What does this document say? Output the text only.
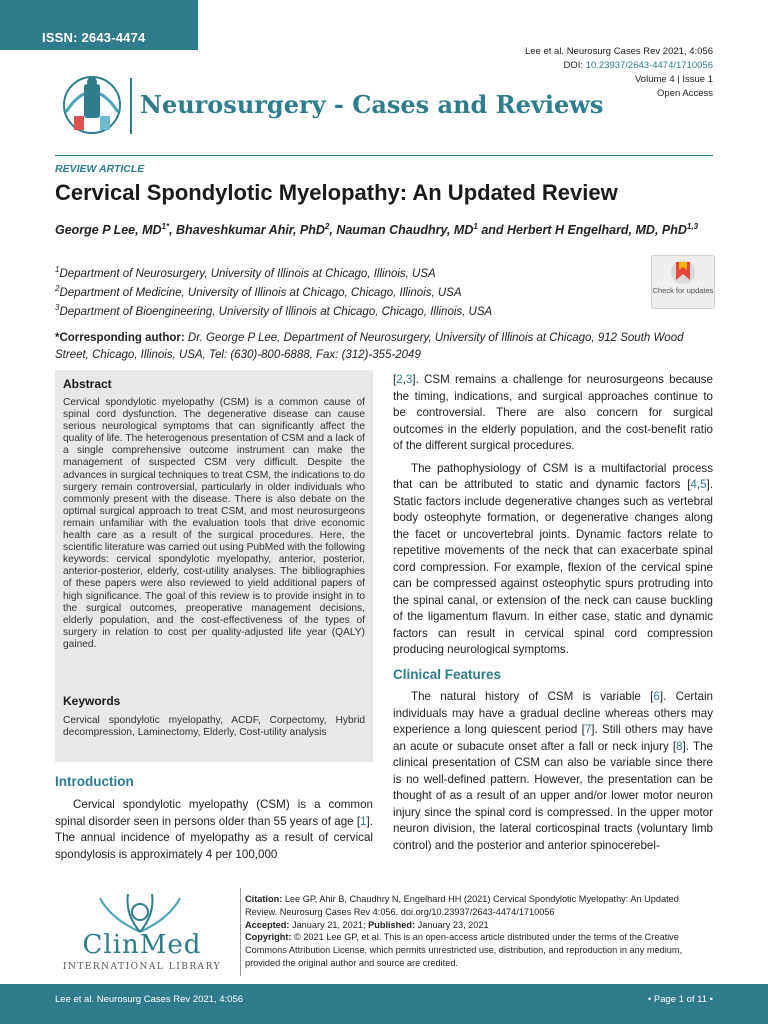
ISSN: 2643-4474
Lee et al. Neurosurg Cases Rev 2021, 4:056
DOI: 10.23937/2643-4474/1710056
Volume 4 | Issue 1
Open Access
Neurosurgery - Cases and Reviews
REVIEW ARTICLE
Cervical Spondylotic Myelopathy: An Updated Review
George P Lee, $MD^{1*}$, Bhaveshkumar Ahir, PhD$^2$, Nauman Chaudhry, $MD^1$ and Herbert H Engelhard, MD, PhD$^{1,3}$
$^1$Department of Neurosurgery, University of Illinois at Chicago, Illinois, USA
$^2$Department of Medicine, University of Illinois at Chicago, Chicago, Illinois, USA
$^3$Department of Bioengineering, University of Illinois at Chicago, Chicago, Illinois, USA
Check for updates
*Corresponding author: Dr. George P Lee, Department of Neurosurgery, University of Illinois at Chicago, 912 South Wood Street, Chicago, Illinois, USA, Tel: (630)-800-6888, Fax: (312)-355-2049
Abstract
Cervical spondylotic myelopathy (CSM) is a common cause of spinal cord dysfunction. The degenerative disease can cause serious neurological symptoms that can significantly affect the quality of life. The heterogenous presentation of CSM and a lack of a single comprehensive outcome instrument can make the management of suspected CSM very difficult. Despite the advances in surgical techniques to treat CSM, the indications to do surgery remain controversial, particularly in older individuals who commonly present with the disease. There is also debate on the optimal surgical approach to treat CSM, and most neurosurgeons remain unfamiliar with the evaluation tools that drive economic health care as a result of the surgical procedures. Here, the scientific literature was carried out using PubMed with the following keywords: cervical spondylotic myelopathy, anterior, posterior, anterior-posterior, elderly, cost-utility analyses. The bibliographies of these papers were also reviewed to yield additional papers of high significance. The goal of this review is to provide insight in to the surgical outcomes, preoperative management decisions, elderly population, and the cost-effectiveness of the types of surgery in relation to cost per quality-adjusted life year (QALY) gained.
Keywords
Cervical spondylotic myelopathy, ACDF, Corpectomy, Hybrid decompression, Laminectomy, Elderly, Cost-utility analysis
Introduction

Cervical spondylotic myelopathy (CSM) is a common spinal disorder seen in persons older than 55 years of age [1]. The annual incidence of myelopathy as a result of cervical spondylosis is approximately 4 per 100,000

[2,3]. CSM remains a challenge for neurosurgeons because the timing, indications, and surgical approaches continue to be controversial. There are also concern for surgical outcomes in the elderly population, and the cost-benefit ratio of the different surgical procedures.

The pathophysiology of CSM is a multifactorial process that can be attributed to static and dynamic factors [4,5]. Static factors include degenerative changes such as vertebral body osteophyte formation, or degenerative changes along the facet or uncovertebral joints. Dynamic factors relate to repetitive movements of the neck that can exacerbate spinal cord compression. For example, flexion of the cervical spine can be compressed against osteophytic spurs protruding into the spinal canal, or extension of the neck can cause buckling of the ligamentum flavum. In either case, static and dynamic factors can result in cervical spinal cord compression producing neurological symptoms.

Clinical Features

The natural history of CSM is variable [6]. Certain individuals may have a gradual decline whereas others may experience a long quiescent period [7]. Still others may have an acute or subacute onset after a fall or neck injury [8]. The clinical presentation of CSM can also be variable since there is no well-defined pattern. However, the presentation can be thought of as a result of an upper and/or lower motor neuron injury since the spinal cord is compressed. In the upper motor neuron division, the lateral corticospinal tracts (voluntary limb control) and the posterior and anterior spinocerebel-

ClinMed
INTERNATIONAL LIBRARY

Citation: Lee GP, Ahir B, Chaudhry N, Engelhard HH (2021) Cervical Spondylotic Myelopathy: An Updated Review. Neurosurg Cases Rev 4:056. doi.org/10.23937/2643-4474/1710056

Accepted: January 21, 2021; Published: January 23, 2021

Copyright: © 2021 Lee GP, et al. This is an open-access article distributed under the terms of the Creative Commons Attribution License, which permits unrestricted use, distribution, and reproduction in any medium, provided the original author and source are credited.

Lee et al. Neurosurg Cases Rev 2021, 4:056	• Page 1 of 11 •
